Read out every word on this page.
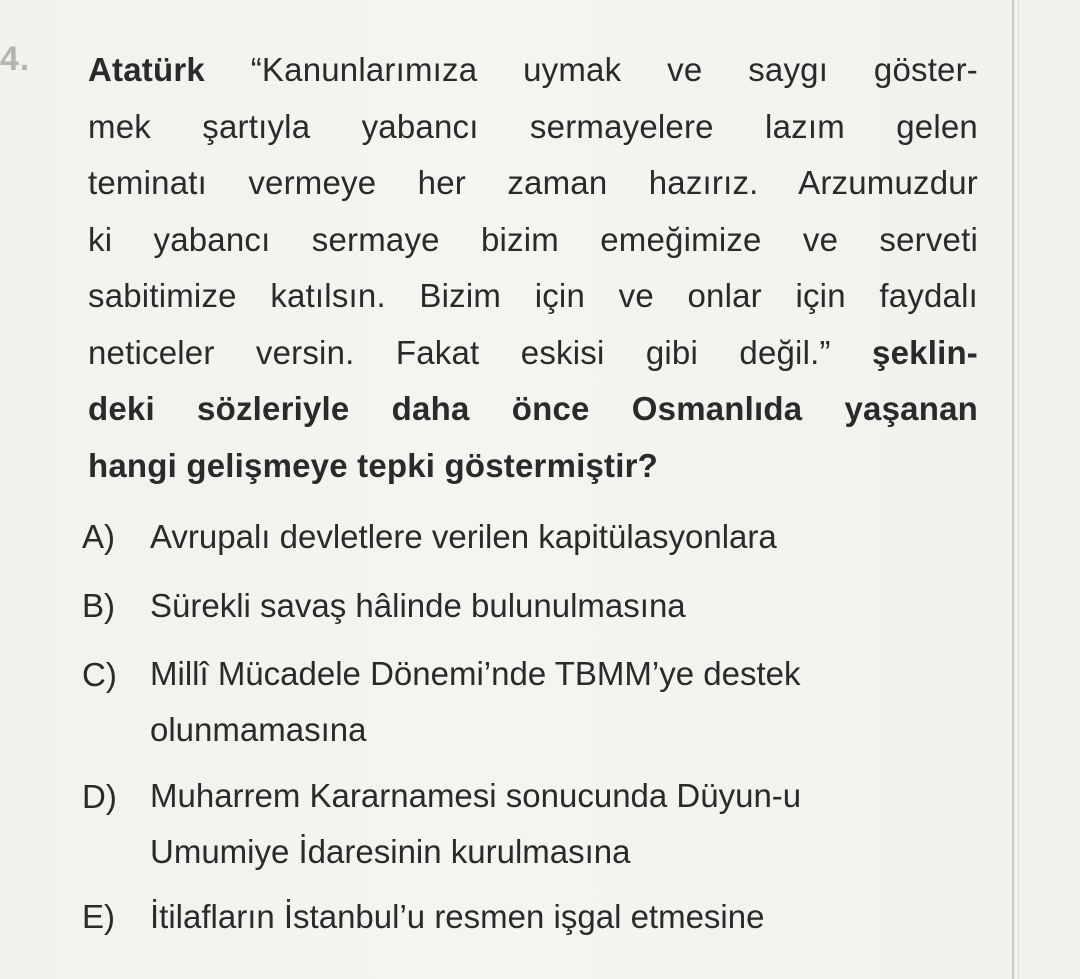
4. Atatürk “Kanunlarımıza uymak ve saygı göster-
mek şartıyla yabancı sermayelere lazım gelen
teminatı vermeye her zaman hazırız. Arzumuzdur
ki yabancı sermaye bizim emeğimize ve serveti
sabitimize katılsın. Bizim için ve onlar için faydalı
neticeler versin. Fakat eskisi gibi değil.” şeklin-
deki sözleriyle daha önce Osmanlıda yaşanan
hangi gelişmeye tepki göstermiştir?
A) Avrupalı devletlere verilen kapitülasyonlara
B) Sürekli savaş hâlinde bulunulmasına
C) Millî Mücadele Dönemi’nde TBMM’ye destek
olunmamasına
D) Muharrem Kararnamesi sonucunda Düyun-u
Umumiye İdaresinin kurulmasına
E) İtilafların İstanbul’u resmen işgal etmesine
